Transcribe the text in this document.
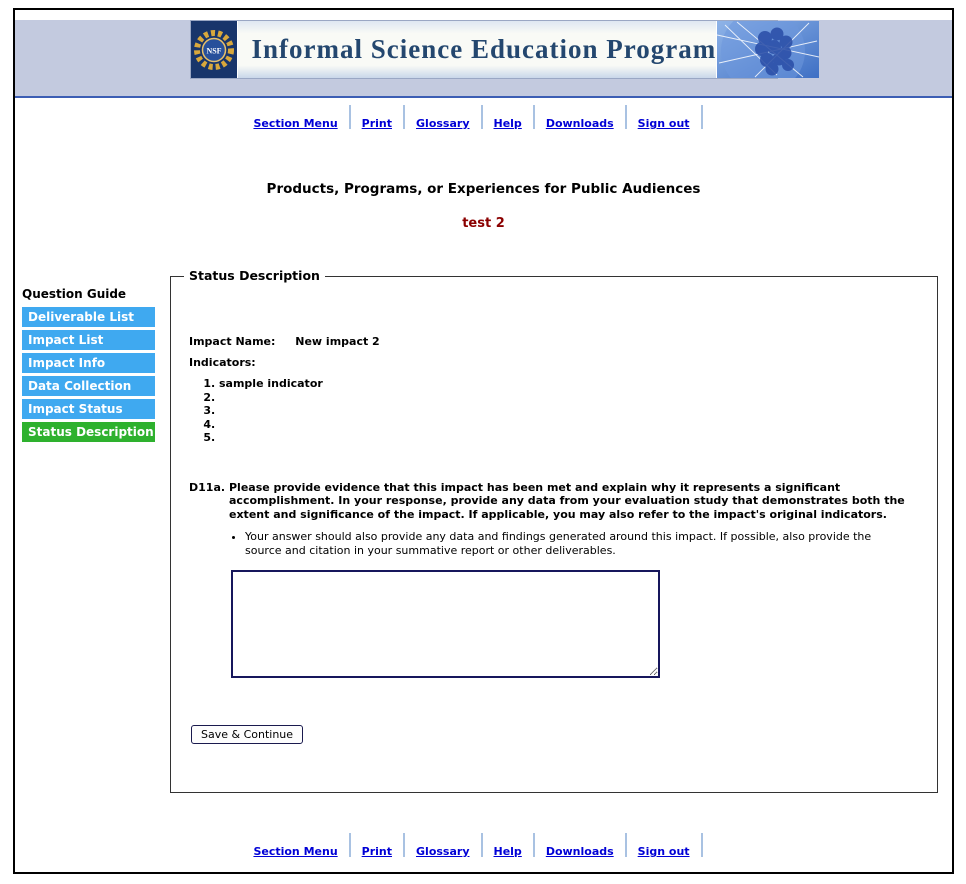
NSF Informal Science Education Program
Section Menu Print Glossary Help Downloads Sign out
Products, Programs, or Experiences for Public Audiences
test 2
Question Guide
Deliverable List
Impact List
Impact Info
Data Collection
Impact Status
Status Description
Status Description
Impact Name: New impact 2
Indicators:
1. sample indicator
2.
3.
4.
5.
D11a. Please provide evidence that this impact has been met and explain why it represents a significant accomplishment. In your response, provide any data from your evaluation study that demonstrates both the extent and significance of the impact. If applicable, you may also refer to the impact's original indicators.
• Your answer should also provide any data and findings generated around this impact. If possible, also provide the source and citation in your summative report or other deliverables.
Save & Continue
Section Menu Print Glossary Help Downloads Sign out
